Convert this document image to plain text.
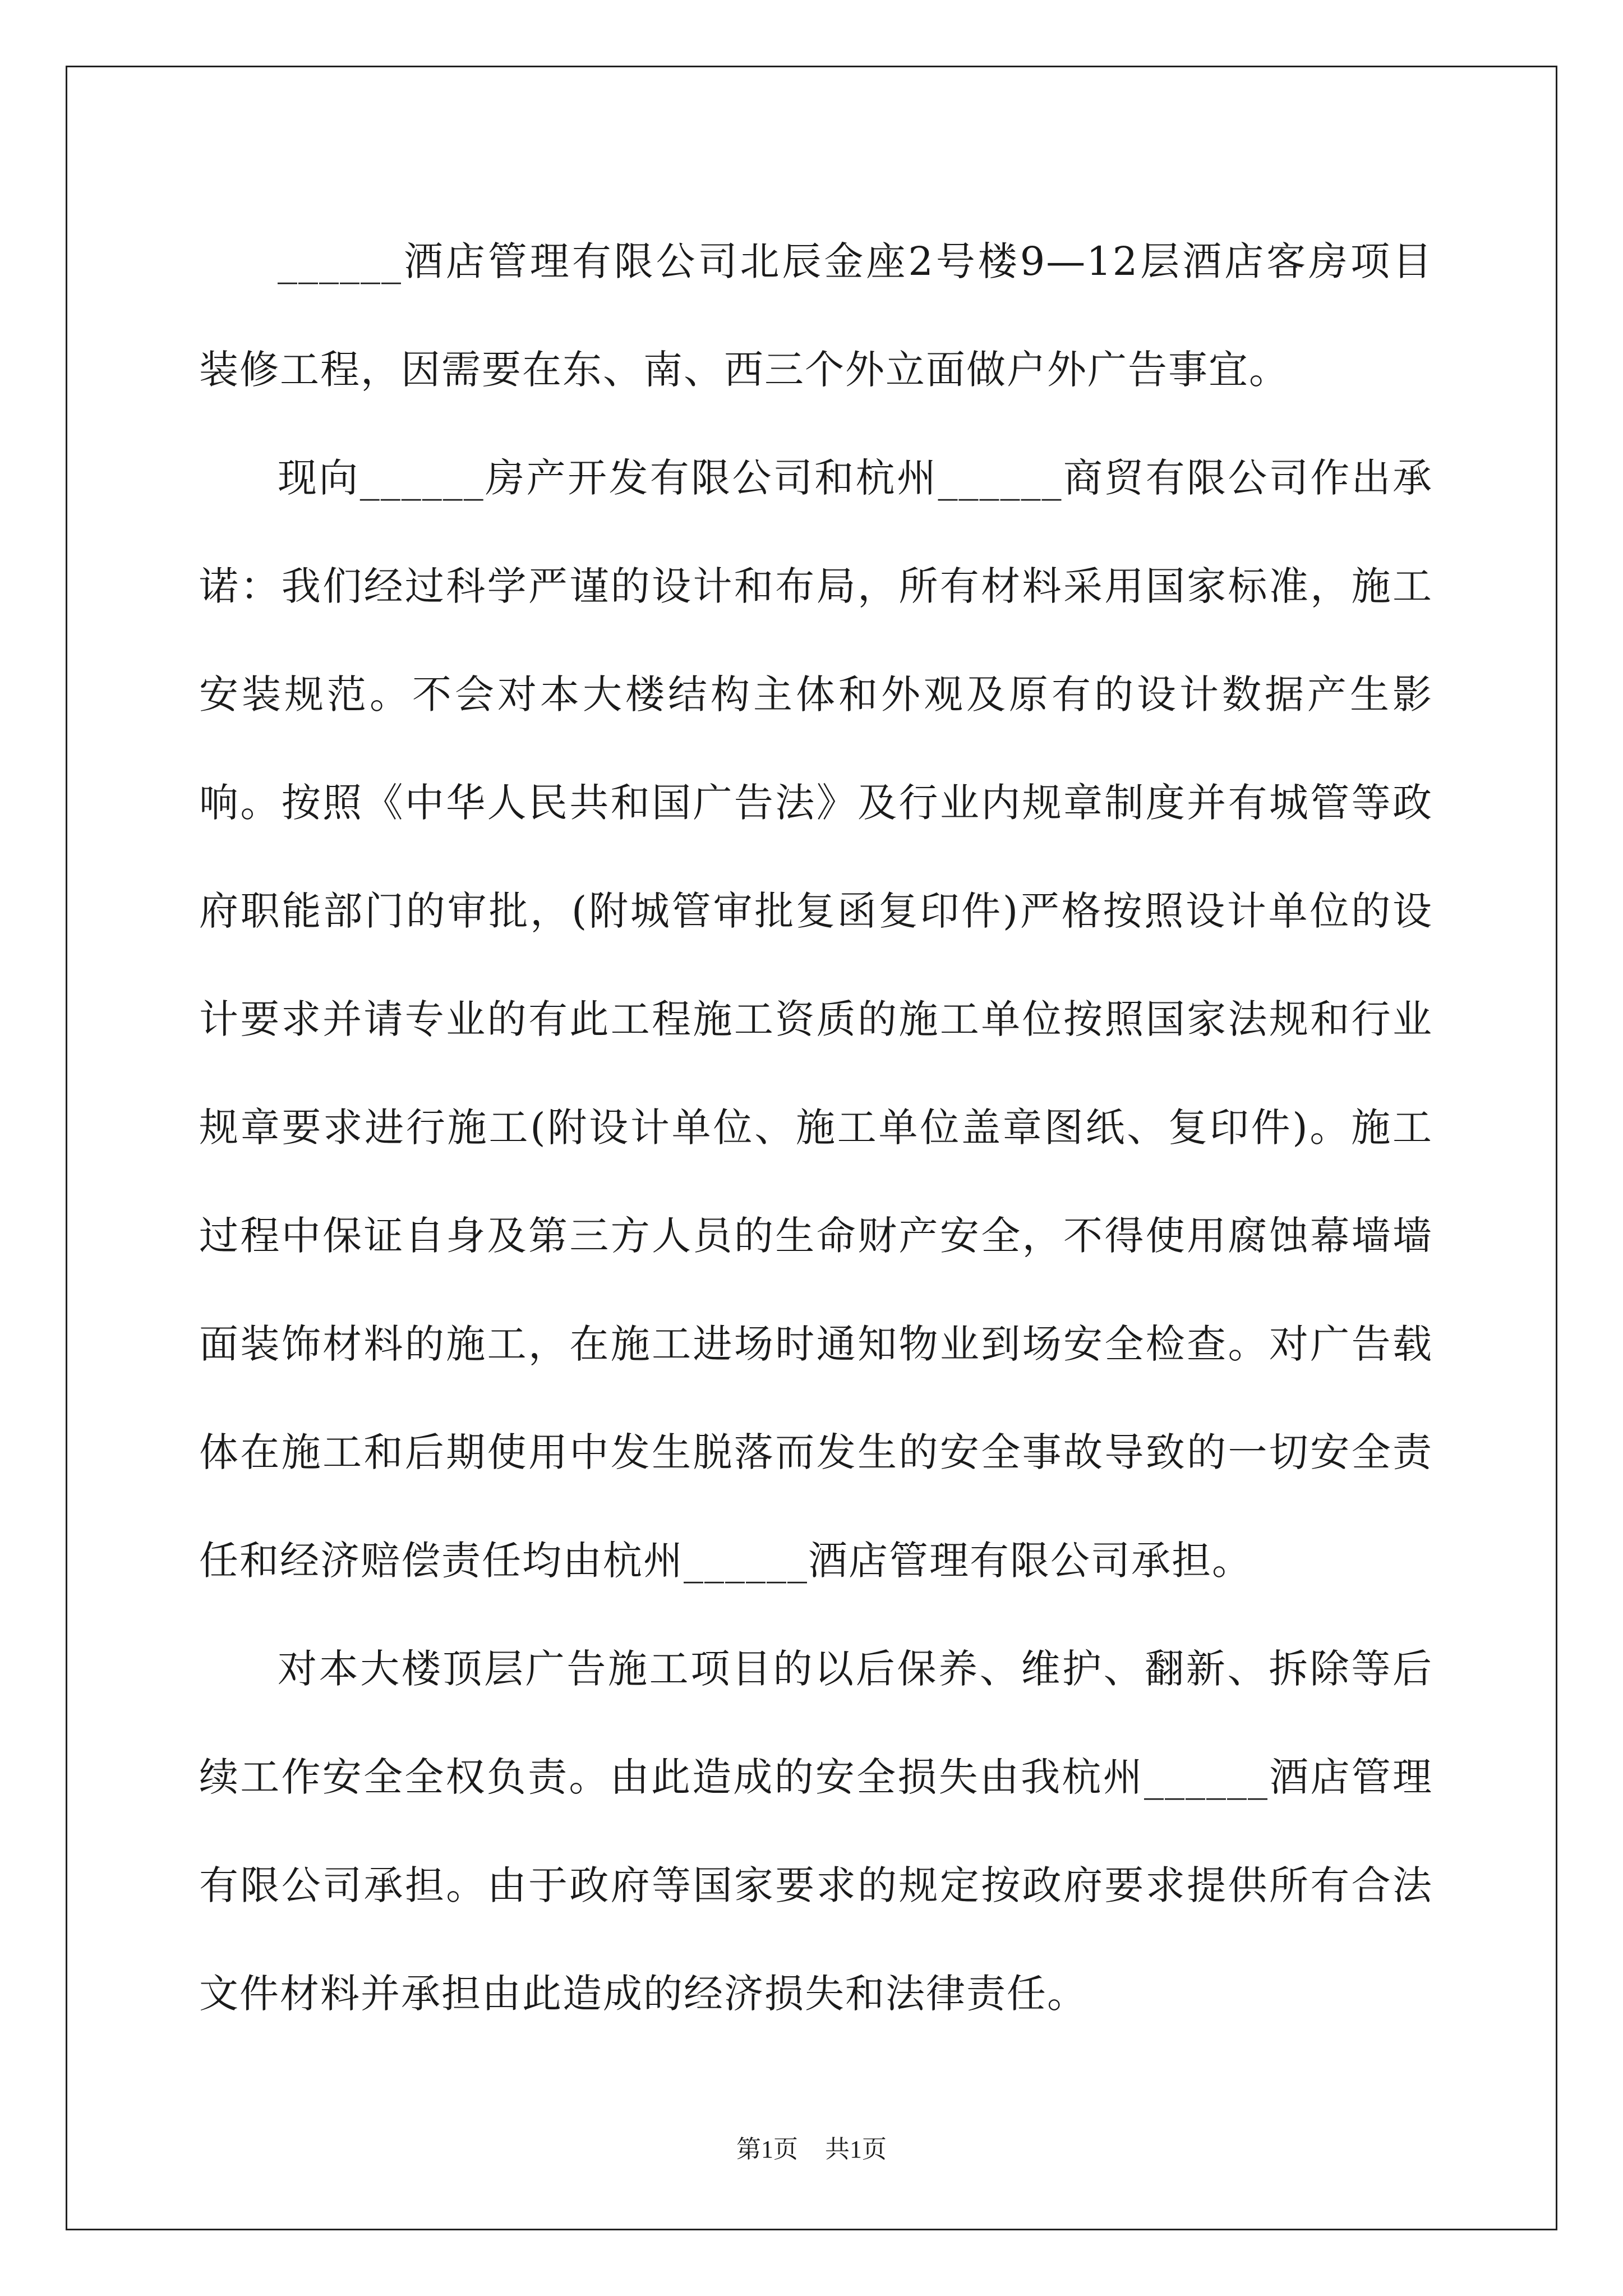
______酒店管理有限公司北辰金座2号楼9—12层酒店客房项目装修工程，因需要在东、南、西三个外立面做户外广告事宜。

现向______房产开发有限公司和杭州______商贸有限公司作出承诺：我们经过科学严谨的设计和布局，所有材料采用国家标准，施工安装规范。不会对本大楼结构主体和外观及原有的设计数据产生影响。按照《中华人民共和国广告法》及行业内规章制度并有城管等政府职能部门的审批，(附城管审批复函复印件)严格按照设计单位的设计要求并请专业的有此工程施工资质的施工单位按照国家法规和行业规章要求进行施工(附设计单位、施工单位盖章图纸、复印件)。施工过程中保证自身及第三方人员的生命财产安全，不得使用腐蚀幕墙墙面装饰材料的施工，在施工进场时通知物业到场安全检查。对广告载体在施工和后期使用中发生脱落而发生的安全事故导致的一切安全责任和经济赔偿责任均由杭州______酒店管理有限公司承担。

对本大楼顶层广告施工项目的以后保养、维护、翻新、拆除等后续工作安全全权负责。由此造成的安全损失由我杭州______酒店管理有限公司承担。由于政府等国家要求的规定按政府要求提供所有合法文件材料并承担由此造成的经济损失和法律责任。

第1页 共1页
